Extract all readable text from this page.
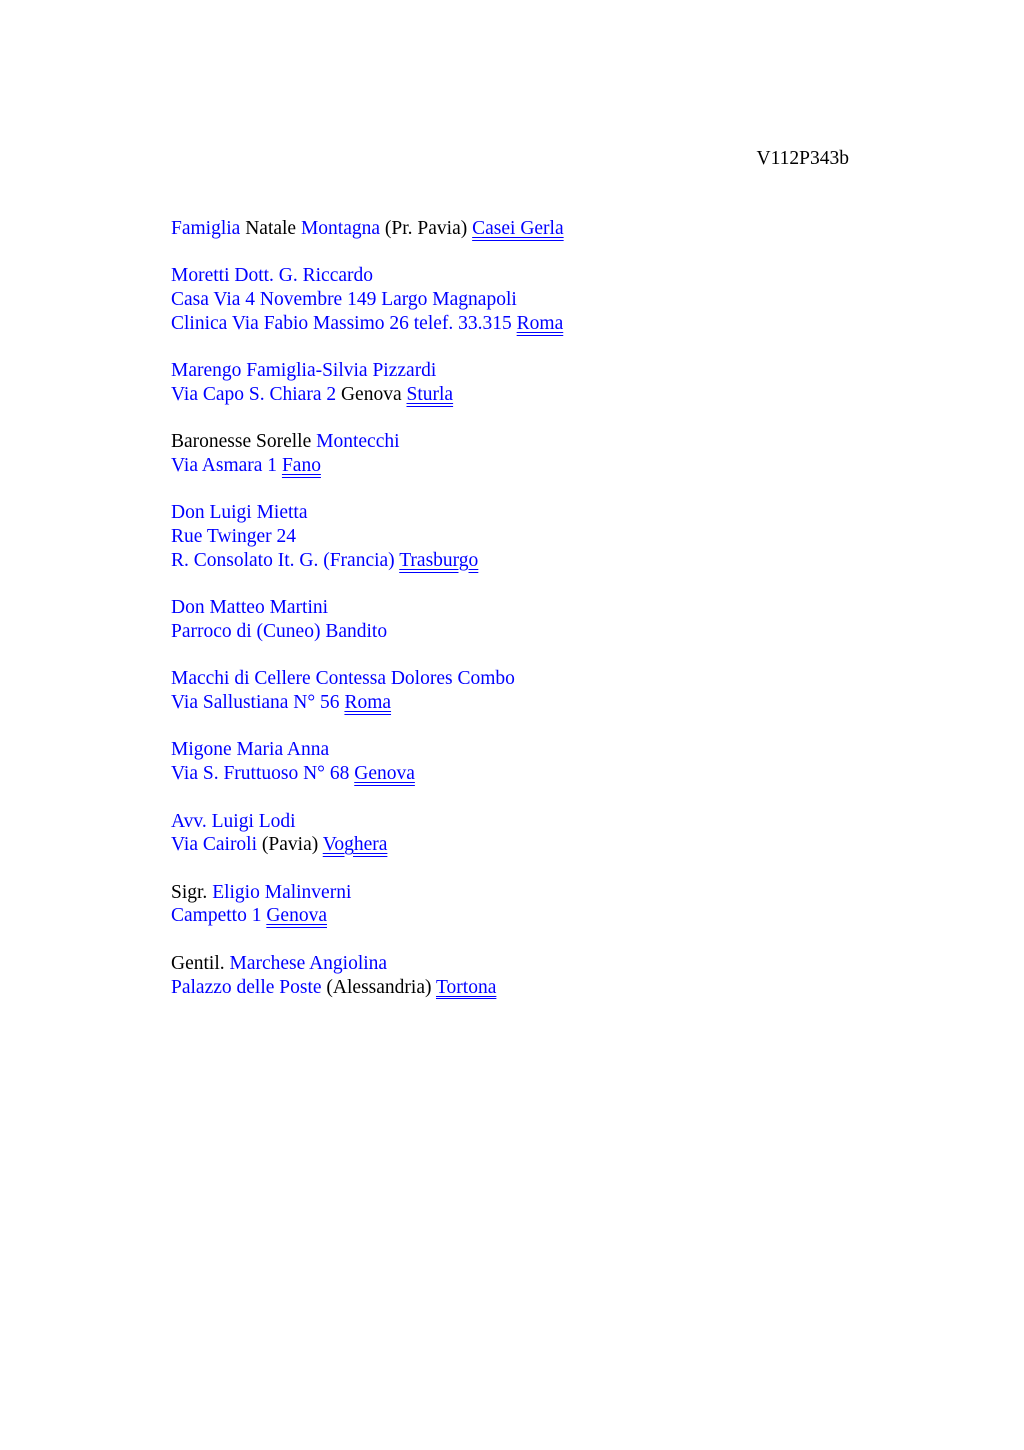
V112P343b
Famiglia Natale Montagna (Pr. Pavia) Casei Gerla
Moretti Dott. G. Riccardo
Casa Via 4 Novembre 149 Largo Magnapoli
Clinica Via Fabio Massimo 26 telef. 33.315 Roma
Marengo Famiglia-Silvia Pizzardi
Via Capo S. Chiara 2 Genova Sturla
Baronesse Sorelle Montecchi
Via Asmara 1 Fano
Don Luigi Mietta
Rue Twinger 24
R. Consolato It. G. (Francia) Trasburgo
Don Matteo Martini
Parroco di (Cuneo) Bandito
Macchi di Cellere Contessa Dolores Combo
Via Sallustiana N° 56 Roma
Migone Maria Anna
Via S. Fruttuoso N° 68 Genova
Avv. Luigi Lodi
Via Cairoli (Pavia) Voghera
Sigr. Eligio Malinverni
Campetto 1 Genova
Gentil. Marchese Angiolina
Palazzo delle Poste (Alessandria) Tortona
